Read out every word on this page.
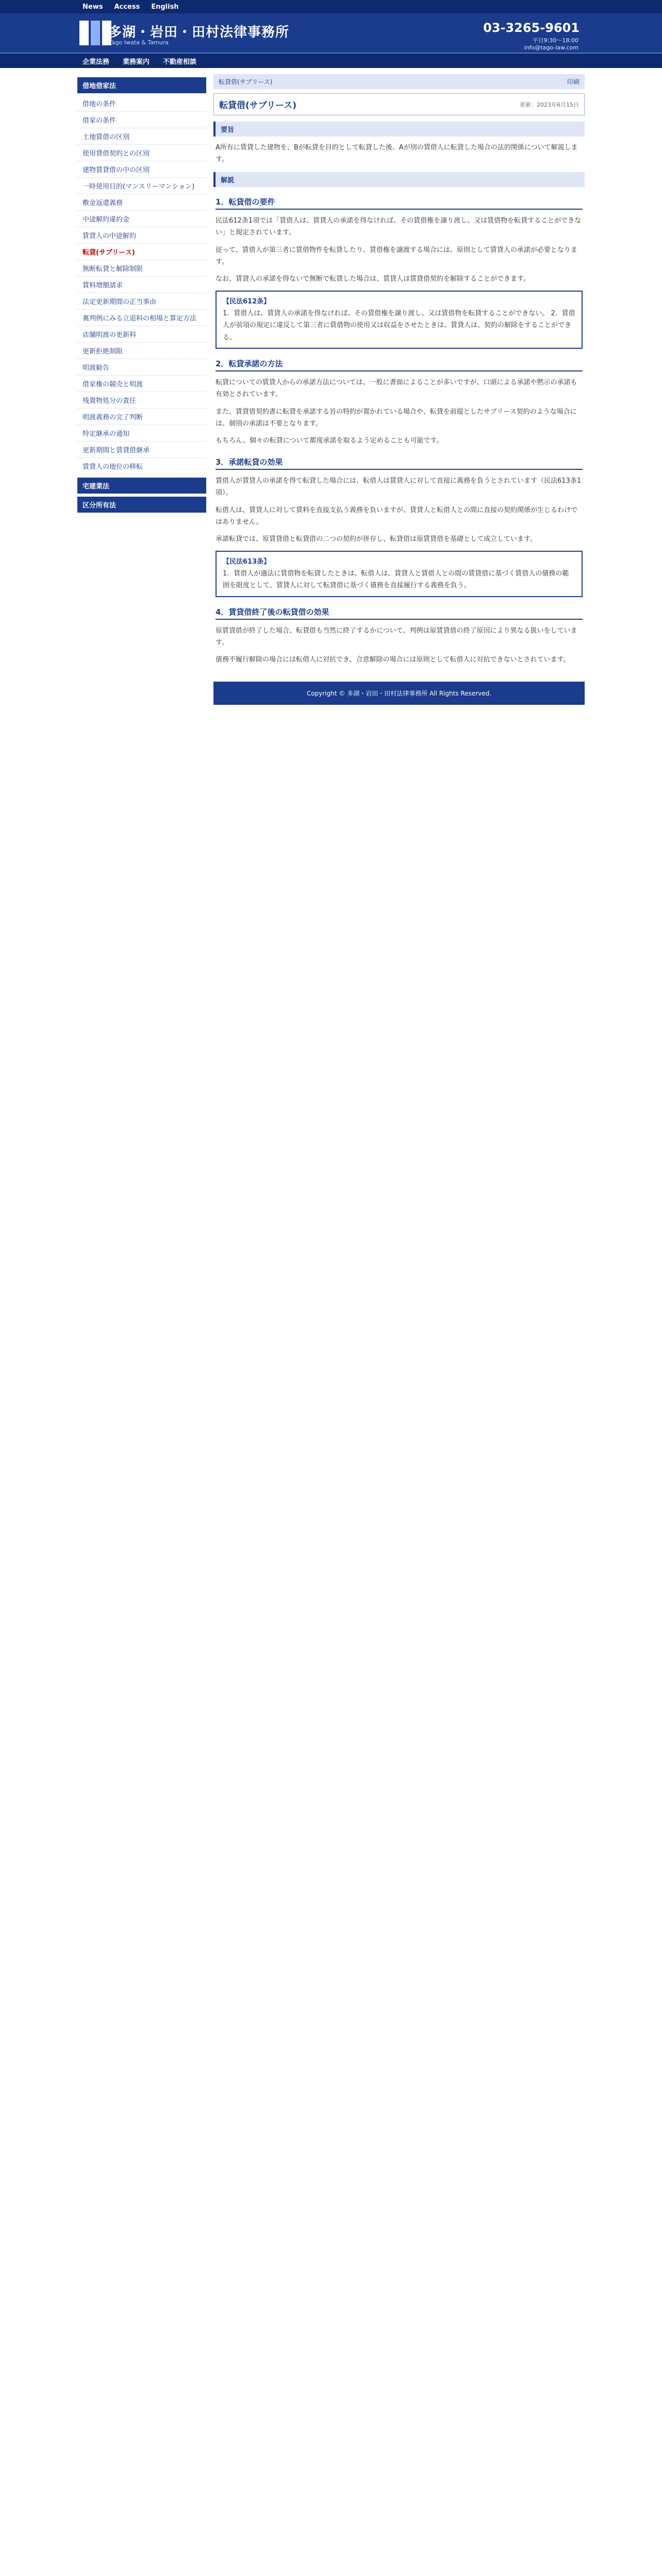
News Access English
多湖・岩田・田村法律事務所
Tago Iwata & Tamura
03-3265-9601
平日9:30〜18:00
info@tago-law.com
企業法務 業務案内 不動産相談
借地借家法
借地の条件
借家の条件
土地賃借の区別
使用貸借契約との区別
建物賃貸借の中の区別
一時使用目的(マンスリーマンション)
敷金返還義務
中途解約違約金
賃貸人の中途解約
転貸(サブリース)
無断転貸と解除制限
賃料増額請求
法定更新期間の正当事由
裏判例にみる立退料の相場と算定方法
店舗明渡の更新料
更新拒絶制限
明渡勧告
借家権の競売と明渡
残置物処分の責任
明渡義務の完了判断
特定継承の通知
更新期間と賃貸借継承
賃貸人の地位の移転
宅建業法
区分所有法
転貸借(サブリース)	印刷
転貸借(サブリース)	更新：2023年6月15日
要旨

A所有に賃貸した建物を、Bが転貸を目的として転貸した後、Aが別の賃借人に転貸した場合の法的関係について解説します。

解説
1．転貸借の要件

民法612条1項では「賃借人は、賃貸人の承諾を得なければ、その賃借権を譲り渡し、又は賃借物を転貸することができない」と規定されています。

従って、賃借人が第三者に賃借物件を転貸したり、賃借権を譲渡する場合には、原則として賃貸人の承諾が必要となります。

なお、賃貸人の承諾を得ないで無断で転貸した場合は、賃貸人は賃貸借契約を解除することができます。

【民法612条】
1．賃借人は、賃貸人の承諾を得なければ、その賃借権を譲り渡し、又は賃借物を転貸することができない。 2．賃借人が前項の規定に違反して第三者に賃借物の使用又は収益をさせたときは、賃貸人は、契約の解除をすることができる。
2．転貸承諾の方法

転貸についての賃貸人からの承諾方法については、一般に書面によることが多いですが、口頭による承諾や黙示の承諾も有効とされています。

また、賃貸借契約書に転貸を承諾する旨の特約が置かれている場合や、転貸を前提としたサブリース契約のような場合には、個別の承諾は不要となります。

もちろん、個々の転貸について都度承諾を取るよう定めることも可能です。

3．承諾転貸の効果

賃借人が賃貸人の承諾を得て転貸した場合には、転借人は賃貸人に対して直接に義務を負うとされています（民法613条1項）。

転借人は、賃貸人に対して賃料を直接支払う義務を負いますが、賃貸人と転借人との間に直接の契約関係が生じるわけではありません。

承諾転貸では、原賃貸借と転貸借の二つの契約が併存し、転貸借は原賃貸借を基礎として成立しています。

【民法613条】
1．賃借人が適法に賃借物を転貸したときは、転借人は、賃貸人と賃借人との間の賃貸借に基づく賃借人の債務の範囲を限度として、賃貸人に対して転貸借に基づく債務を直接履行する義務を負う。
4．賃貸借終了後の転貸借の効果

原賃貸借が終了した場合、転貸借も当然に終了するかについて、判例は原賃貸借の終了原因により異なる扱いをしています。

債務不履行解除の場合には転借人に対抗でき、合意解除の場合には原則として転借人に対抗できないとされています。

Copyright © 多湖・岩田・田村法律事務所 All Rights Reserved.
